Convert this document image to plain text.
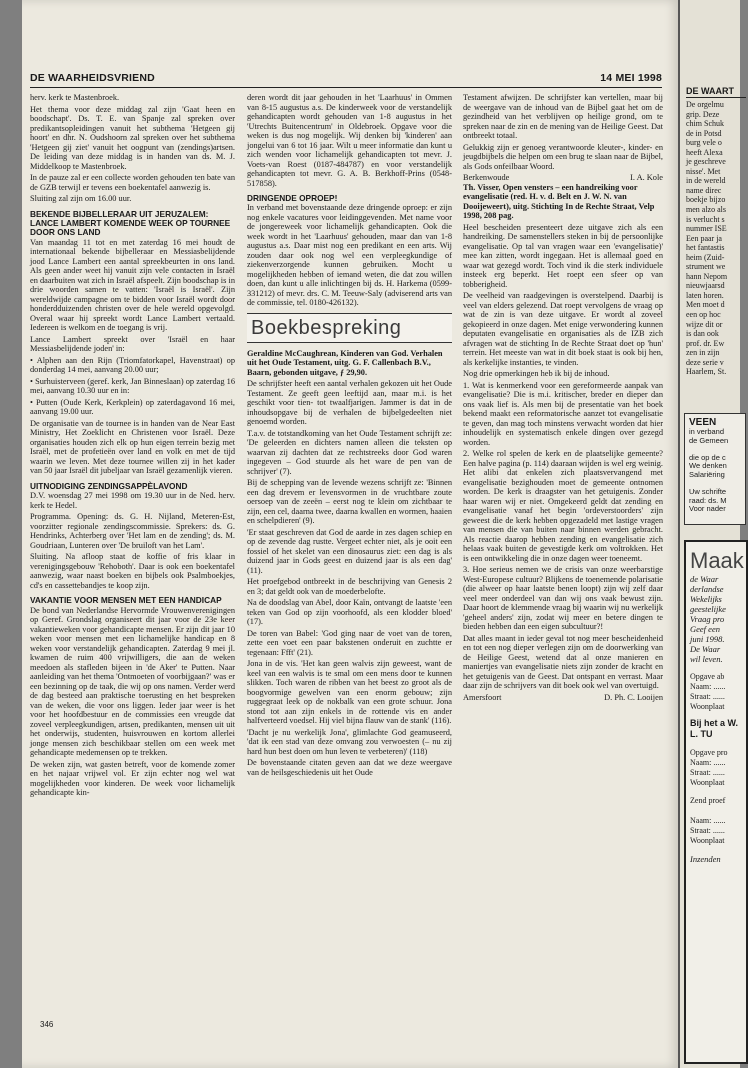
DE WAARHEIDSVRIEND	14 MEI 1998

herv. kerk te Mastenbroek.

Het thema voor deze middag zal zijn 'Gaat heen en boodschapt'. Ds. T. E. van Spanje zal spreken over predikantsopleidingen vanuit het subthema 'Hetgeen gij hoort' en dhr. N. Oudshoorn zal spreken over het subthema 'Hetgeen gij ziet' vanuit het oogpunt van (zendings)artsen. De leiding van deze middag is in handen van ds. M. J. Middelkoop te Mastenbroek.

In de pauze zal er een collecte worden gehouden ten bate van de GZB terwijl er tevens een boekentafel aanwezig is.

Sluiting zal zijn om 16.00 uur.

BEKENDE BIJBELLERAAR UIT JERUZALEM: LANCE LAMBERT KOMENDE WEEK OP TOURNEE DOOR ONS LAND

Van maandag 11 tot en met zaterdag 16 mei houdt de internationaal bekende bijbelleraar en Messiasbelijdende jood Lance Lambert een aantal spreekbeurten in ons land. Als geen ander weet hij vanuit zijn vele contacten in Israël en daarbuiten wat zich in Israël afspeelt. Zijn boodschap is in drie woorden samen te vatten: 'Israël is Israël'. Zijn wereldwijde campagne om te bidden voor Israël wordt door honderdduizenden christen over de hele wereld opgevolgd. Overal waar hij spreekt wordt Lance Lambert vertaald. Iedereen is welkom en de toegang is vrij.

Lance Lambert spreekt over 'Israël en haar Messiasbelijdende joden' in:

• Alphen aan den Rijn (Triomfatorkapel, Havenstraat) op donderdag 14 mei, aanvang 20.00 uur;

• Surhuisterveen (geref. kerk, Jan Binneslaan) op zaterdag 16 mei, aanvang 10.30 uur en in:

• Putten (Oude Kerk, Kerkplein) op zaterdagavond 16 mei, aanvang 19.00 uur.

De organisatie van de tournee is in handen van de Near East Ministry, Het Zoeklicht en Christenen voor Israël. Deze organisaties houden zich elk op hun eigen terrein bezig met Israël, met de profetieën over land en volk en met de tijd waarin we leven. Met deze tournee willen zij in het kader van 50 jaar Israël dit jubeljaar van Israël gezamenlijk vieren.

UITNODIGING ZENDINGSAPPÈLAVOND

D.V. woensdag 27 mei 1998 om 19.30 uur in de Ned. herv. kerk te Hedel.

Programma. Opening: ds. G. H. Nijland, Meteren-Est, voorzitter regionale zendingscommissie. Sprekers: ds. G. Hendrinks, Achterberg over 'Het lam en de zending'; ds. M. Goudriaan, Lunteren over 'De bruiloft van het Lam'.

Sluiting. Na afloop staat de koffie of fris klaar in verenigingsgebouw 'Rehoboth'. Daar is ook een boekentafel aanwezig, waar naast boeken en bijbels ook Psalmboekjes, cd's en cassettebandjes te koop zijn.

VAKANTIE VOOR MENSEN MET EEN HANDICAP

De bond van Nederlandse Hervormde Vrouwenverenigingen op Geref. Grondslag organiseert dit jaar voor de 23e keer vakantieweken voor gehandicapte mensen. Er zijn dit jaar 10 weken voor mensen met een lichamelijke handicap en 8 weken voor verstandelijk gehandicapten. Zaterdag 9 mei jl. kwamen de ruim 400 vrijwilligers, die aan de weken meedoen als stafleden bijeen in 'de Aker' te Putten. Naar aanleiding van het thema 'Ontmoeten of voorbijgaan?' was er een bezinning op de taak, die wij op ons namen. Verder werd de dag besteed aan praktische toerusting en het bespreken van de weken, die voor ons liggen. Ieder jaar weer is het voor het hoofdbestuur en de commissies een vreugde dat zoveel verpleegkundigen, artsen, predikanten, mensen uit uit het onderwijs, studenten, huisvrouwen en kortom allerlei jonge mensen zich beschikbaar stellen om een week met gehandicapte medemensen op te trekken.

De weken zijn, wat gasten betreft, voor de komende zomer en het najaar vrijwel vol. Er zijn echter nog wel wat mogelijkheden voor kinderen. De week voor lichamelijk gehandicapte kin-

deren wordt dit jaar gehouden in het 'Laarhuus' in Ommen van 8-15 augustus a.s. De kinderweek voor de verstandelijk gehandicapten wordt gehouden van 1-8 augustus in het 'Utrechts Buitencentrum' in Oldebroek. Opgave voor die weken is dus nog mogelijk. Wij denken bij 'kinderen' aan jongelui van 6 tot 16 jaar. Wilt u meer informatie dan kunt u zich wenden voor lichamelijk gehandicapten tot mevr. J. Voets-van Roest (0187-484787) en voor verstandelijk gehandicapten tot mevr. G. A. B. Berkhoff-Prins (0548-517858).

DRINGENDE OPROEP!

In verband met bovenstaande deze dringende oproep: er zijn nog enkele vacatures voor leidinggevenden. Met name voor de jongereweek voor lichamelijk gehandicapten. Ook die week wordt in het 'Laarhuus' gehouden, maar dan van 1-8 augustus a.s. Daar mist nog een predikant en een arts. Wij zouden daar ook nog wel een verpleegkundige of ziekenverzorgende kunnen gebruiken. Mocht u mogelijkheden hebben of iemand weten, die dat zou willen doen, dan kunt u alle inlichtingen bij ds. H. Harkema (0599-331212) of mevr. drs. C. M. Teeuw-Saly (adviserend arts van de commissie, tel. 0180-426132).

Boekbespreking

Geraldine McCaughrean, Kinderen van God. Verhalen uit het Oude Testament, uitg. G. F. Callenbach B.V., Baarn, gebonden uitgave, ƒ 29,90.

De schrijfster heeft een aantal verhalen gekozen uit het Oude Testament. Ze geeft geen leeftijd aan, maar m.i. is het geschikt voor tien- tot twaalfjarigen. Jammer is dat in de inhoudsopgave bij de verhalen de bijbelgedeelten niet genoemd worden.

T.a.v. de totstandkoming van het Oude Testament schrijft ze: 'De geleerden en dichters namen alleen die teksten op waarvan zij dachten dat ze rechtstreeks door God waren ingegeven – God stuurde als het ware de pen van de schrijver' (7).

Bij de schepping van de levende wezens schrijft ze: 'Binnen een dag drevem er levensvormen in de vruchtbare zoute oersoep van de zeeën – eerst nog te klein om zichtbaar te zijn, een cel, daarna twee, daarna kwallen en wormen, haaien en schelpdieren' (9).

'Er staat geschreven dat God de aarde in zes dagen schiep en op de zevende dag rustte. Vergeet echter niet, als je ooit een fossiel of het skelet van een dinosaurus ziet: een dag is als duizend jaar in Gods geest en duizend jaar is als een dag' (11).

Het proefgebod ontbreekt in de beschrijving van Genesis 2 en 3; dat geldt ook van de moederbelofte.

Na de doodslag van Abel, door Kaïn, ontvangt de laatste 'een teken van God op zijn voorhoofd, als een klodder bloed' (17).

De toren van Babel: 'God ging naar de voet van de toren, zette een voet een paar bakstenen onderuit en zuchtte er tegenaan: Ffft' (21).

Jona in de vis. 'Het kan geen walvis zijn geweest, want de keel van een walvis is te smal om een mens door te kunnen slikken. Toch waren de ribben van het beest zo groot als de boogvormige gewelven van een enorm gebouw; zijn ruggegraat leek op de nokbalk van een grote schuur. Jona stond tot aan zijn enkels in de rottende vis en ander halfverteerd voedsel. Hij viel bijna flauw van de stank' (116).

'Dacht je nu werkelijk Jona', glimlachte God geamuseerd, 'dat ik een stad van deze omvang zou verwoesten (– nu zij hard hun best doen om hun leven te verbeteren)' (118)

De bovenstaande citaten geven aan dat we deze weergave van de heilsgeschiedenis uit het Oude

Testament afwijzen. De schrijfster kan vertellen, maar bij de weergave van de inhoud van de Bijbel gaat het om de gezindheid van het verblijven op heilige grond, om te spreken naar de zin en de mening van de Heilige Geest. Dat ontbreekt totaal.

Gelukkig zijn er genoeg verantwoorde kleuter-, kinder- en jeugdbijbels die helpen om een brug te slaan naar de Bijbel, als Gods onfeilbaar Woord.

Berkenwoude	I. A. Kole

Th. Visser, Open vensters – een handreiking voor evangelisatie (red. H. v. d. Belt en J. W. N. van Dooijeweert), uitg. Stichting In de Rechte Straat, Velp 1998, 208 pag.

Heel bescheiden presenteert deze uitgave zich als een handreiking. De samenstellers steken in bij de persoonlijke evangelisatie. Op tal van vragen waar een 'evangelisatie)' mee kan zitten, wordt ingegaan. Het is allemaal goed en waar wat gezegd wordt. Toch vind ik die sterk individuele insteek erg beperkt. Het roept een sfeer op van tobberigheid.

De veelheid van raadgevingen is overstelpend. Daarbij is veel van elders gelezend. Dat roept vervolgens de vraag op wat de zin is van deze uitgave. Er wordt al zoveel gekopieerd in onze dagen. Met enige verwondering kunnen deputaten evangelisatie en organisaties als de IZB zich afvragen wat de stichting In de Rechte Straat doet op 'hun' terrein. Het meeste van wat in dit boek staat is ook bij hen, als kerkelijke instanties, te vinden.

Nog drie opmerkingen heb ik bij de inhoud.

1. Wat is kenmerkend voor een gereformeerde aanpak van evangelisatie? Die is m.i. kritischer, breder en dieper dan ons vaak lief is. Als men bij de presentatie van het boek bekend maakt een reformatorische aanzet tot evangelisatie te geven, dan mag toch minstens verwacht worden dat hier inhoudelijk en systematisch enkele dingen over gezegd worden.

2. Welke rol spelen de kerk en de plaatselijke gemeente? Een halve pagina (p. 114) daaraan wijden is wel erg weinig. Het alibi dat enkelen zich plaatsvervangend met evangelisatie bezighouden moet de gemeente ontnomen worden. De kerk is draagster van het getuigenis. Zonder haar waren wij er niet. Omgekeerd geldt dat zending en evangelisatie vanaf het begin 'ordeverstoorders' zijn geweest die de kerk hebben opgezadeld met lastige vragen van mensen die van buiten naar binnen werden gebracht. Als reactie daarop hebben zending en evangelisatie zich helaas vaak buiten de gevestigde kerk om voltrokken. Het is een ontwikkeling die in onze dagen weer toeneemt.

3. Hoe serieus nemen we de crisis van onze weerbarstige West-Europese cultuur? Blijkens de toenemende polarisatie (die alweer op haar laatste benen loopt) zijn wij zelf daar veel meer onderdeel van dan wij ons vaak bewust zijn. Daar hoort de klemmende vraag bij waarin wij nu werkelijk 'geheel anders' zijn, zodat wij meer en betere dingen te bieden hebben dan een eigen subcultuur?!

Dat alles maant in ieder geval tot nog meer bescheidenheid en tot een nog dieper verlegen zijn om de doorwerking van de Heilige Geest, wetend dat al onze manieren en maniertjes van evangelisatie niets zijn zonder de kracht en het getuigenis van de Geest. Dat ontspant en verrast. Maar daar zijn de schrijvers van dit boek ook wel van overtuigd.

Amersfoort	D. Ph. C. Looijen
346
DE WAART
De orgelmu
grip. Deze
chim Schuk
de in Potsd
burg vele o
heeft Alexa
je geschreve
nisse'. Met
in de wereld
name direc
boekje bijzo
men alzo als
is verlucht s
nummer ISE
Een paar ja
het fantastis
heim (Zuid-
strument we
hann Nepom
nieuwjaarsd
laten horen.
Men moet d
een op hoc
wijze dit or
is dan ook
prof. dr. Ew
zen in zijn
deze serie v
Haarlem, St.
VEEN
in verband
de Gemeen

die op de c
We denken
Salariëring

Uw schrifte
raad: ds. M
Voor nader
Maak
de Waar
derlandse
Wekelijks
geestelijke
Vraag pro
Geef een
juni 1998.
De Waar
wil leven.
Opgave ab
Naam: ......
Straat: ......
Woonplaat
Bij het a W. L. TU
Opgave pro
Naam: ......
Straat: ......
Woonplaat
Zend proef

Naam: ......
Straat: ......
Woonplaat
Inzenden
